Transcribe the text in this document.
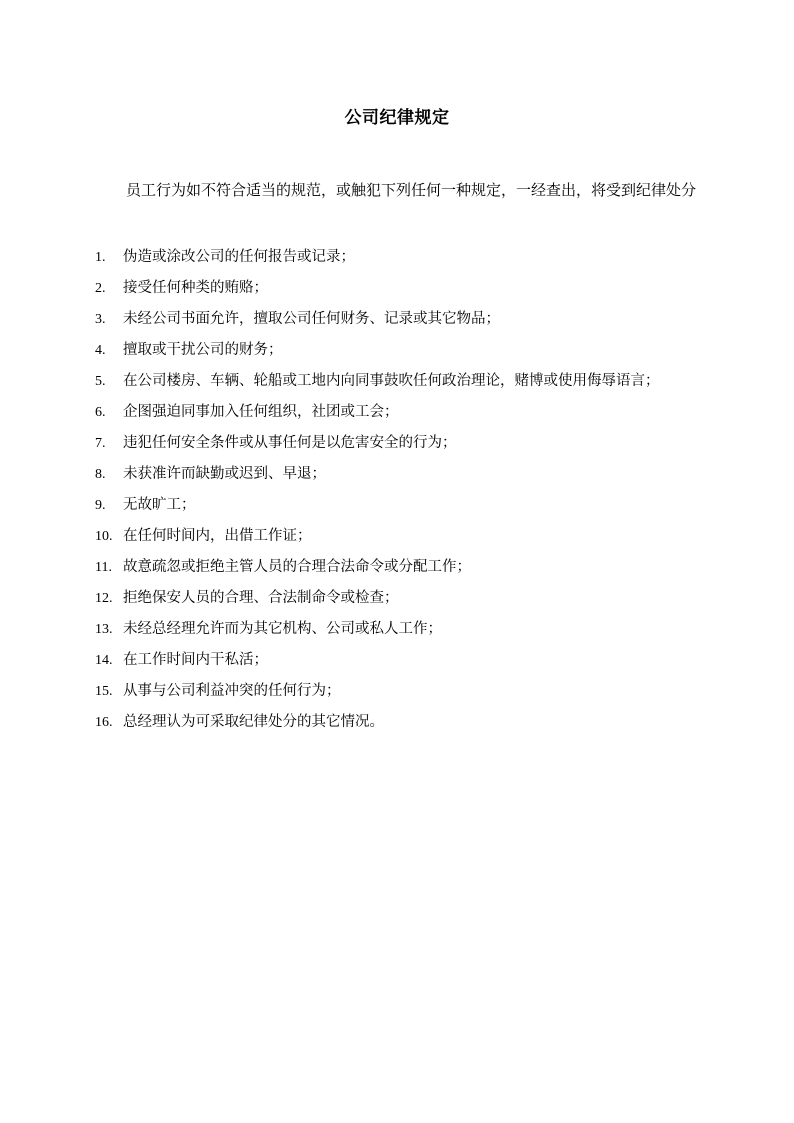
公司纪律规定
员工行为如不符合适当的规范，或触犯下列任何一种规定，一经查出，将受到纪律处分
1. 伪造或涂改公司的任何报告或记录；
2. 接受任何种类的贿赂；
3. 未经公司书面允许，擅取公司任何财务、记录或其它物品；
4. 擅取或干扰公司的财务；
5. 在公司楼房、车辆、轮船或工地内向同事鼓吹任何政治理论，赌博或使用侮辱语言；
6. 企图强迫同事加入任何组织，社团或工会；
7. 违犯任何安全条件或从事任何是以危害安全的行为；
8. 未获准许而缺勤或迟到、早退；
9. 无故旷工；
10. 在任何时间内，出借工作证；
11. 故意疏忽或拒绝主管人员的合理合法命令或分配工作；
12. 拒绝保安人员的合理、合法制命令或检查；
13. 未经总经理允许而为其它机构、公司或私人工作；
14. 在工作时间内干私活；
15. 从事与公司利益冲突的任何行为；
16. 总经理认为可采取纪律处分的其它情况。
